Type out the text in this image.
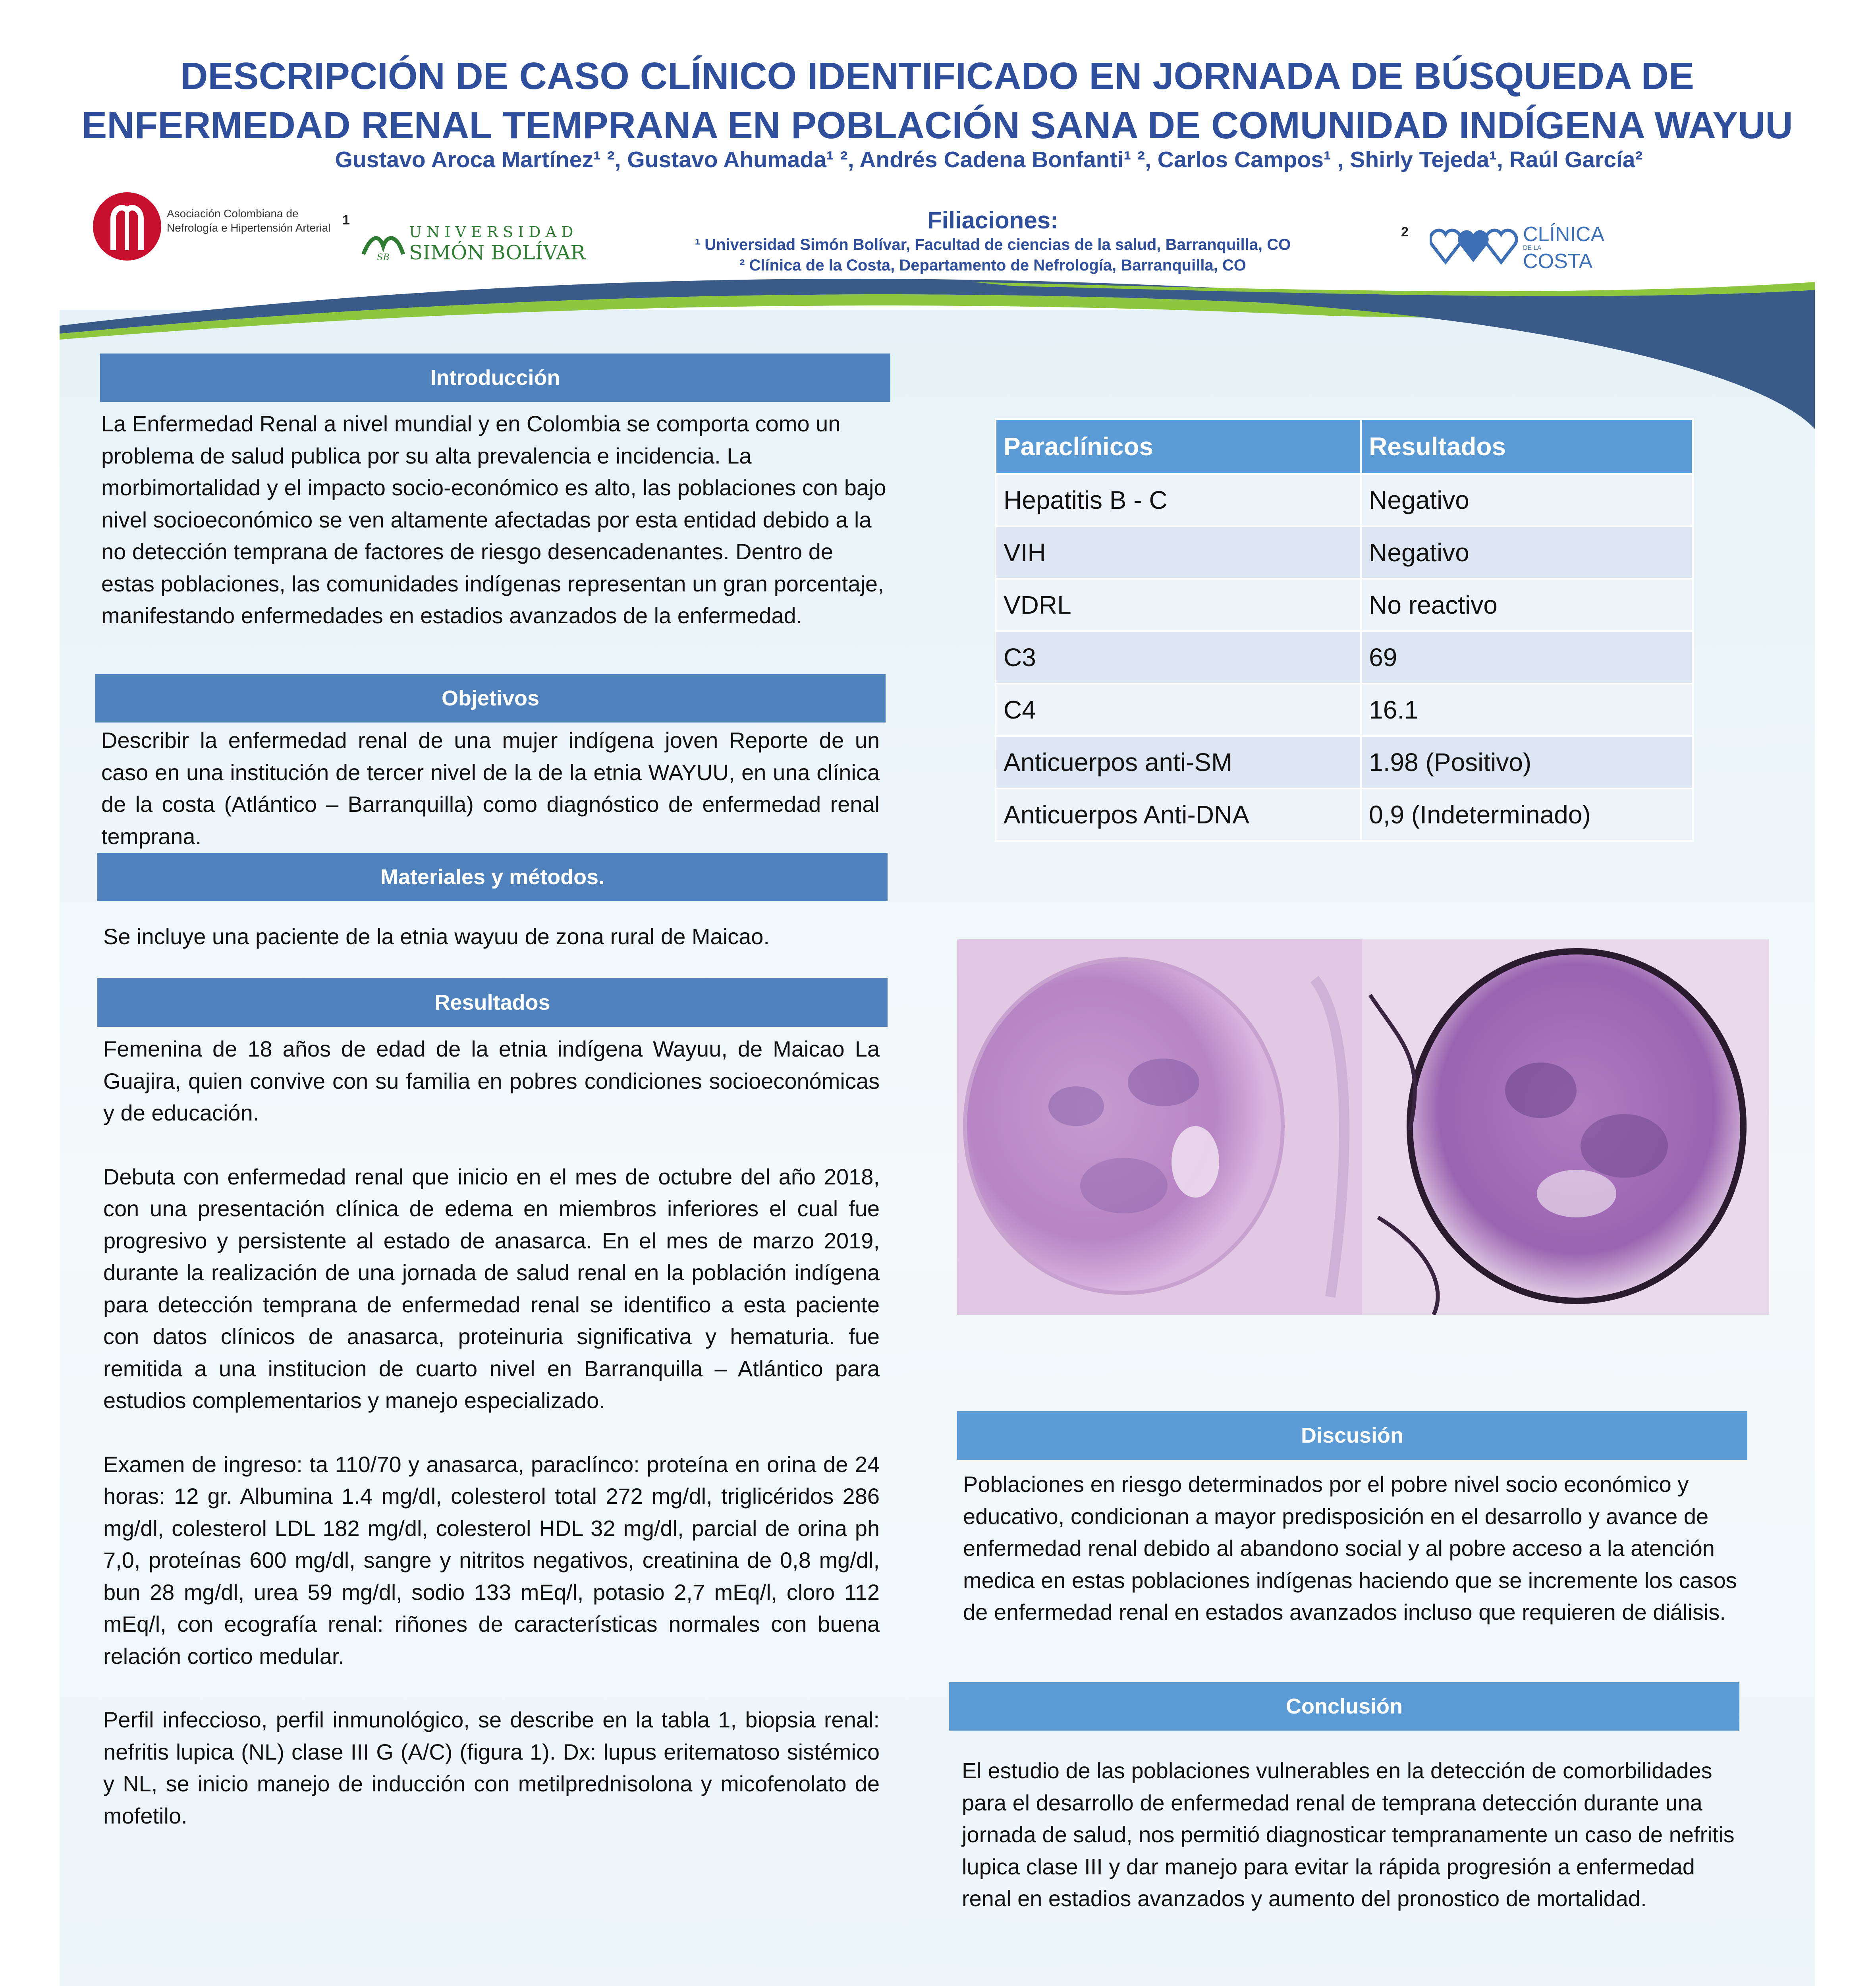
DESCRIPCIÓN DE CASO CLÍNICO IDENTIFICADO EN JORNADA DE BÚSQUEDA DE ENFERMEDAD RENAL TEMPRANA EN POBLACIÓN SANA DE COMUNIDAD INDÍGENA WAYUU
Gustavo Aroca Martínez¹ ², Gustavo Ahumada¹ ², Andrés Cadena Bonfanti¹ ², Carlos Campos¹ , Shirly Tejeda¹, Raúl García²
Filiaciones:
¹ Universidad Simón Bolívar, Facultad de ciencias de la salud, Barranquilla, CO
² Clínica de la Costa, Departamento de Nefrología, Barranquilla, CO
Asociación Colombiana de
Nefrología e Hipertensión Arterial
1
SB
UNIVERSIDAD
SIMÓN BOLÍVAR
2	CLÍNICA
DE LA
COSTA
Introducción
La Enfermedad Renal a nivel mundial y en Colombia se comporta como un problema de salud publica por su alta prevalencia e incidencia. La morbimortalidad y el impacto socio-económico es alto, las poblaciones con bajo nivel socioeconómico se ven altamente afectadas por esta entidad debido a la no detección temprana de factores de riesgo desencadenantes. Dentro de estas poblaciones, las comunidades indígenas representan un gran porcentaje, manifestando enfermedades en estadios avanzados de la enfermedad.
Objetivos
Describir la enfermedad renal de una mujer indígena joven Reporte de un caso en una institución de tercer nivel de la de la etnia WAYUU, en una clínica de la costa (Atlántico – Barranquilla) como diagnóstico de enfermedad renal temprana.
Materiales y métodos.
Se incluye una paciente de la etnia wayuu de zona rural de Maicao.
Resultados

Femenina de 18 años de edad de la etnia indígena Wayuu, de Maicao La Guajira, quien convive con su familia en pobres condiciones socioeconómicas y de educación.

Debuta con enfermedad renal que inicio en el mes de octubre del año 2018, con una presentación clínica de edema en miembros inferiores el cual fue progresivo y persistente al estado de anasarca. En el mes de marzo 2019, durante la realización de una jornada de salud renal en la población indígena para detección temprana de enfermedad renal se identifico a esta paciente con datos clínicos de anasarca, proteinuria significativa y hematuria. fue remitida a una institucion de cuarto nivel en Barranquilla – Atlántico para estudios complementarios y manejo especializado.

Examen de ingreso: ta 110/70 y anasarca, paraclínco: proteína en orina de 24 horas: 12 gr. Albumina 1.4 mg/dl, colesterol total 272 mg/dl, triglicéridos 286 mg/dl, colesterol LDL 182 mg/dl, colesterol HDL 32 mg/dl, parcial de orina ph 7,0, proteínas 600 mg/dl, sangre y nitritos negativos, creatinina de 0,8 mg/dl, bun 28 mg/dl, urea 59 mg/dl, sodio 133 mEq/l, potasio 2,7 mEq/l, cloro 112 mEq/l, con ecografía renal: riñones de características normales con buena relación cortico medular.

Perfil infeccioso, perfil inmunológico, se describe en la tabla 1, biopsia renal: nefritis lupica (NL) clase III G (A/C) (figura 1). Dx: lupus eritematoso sistémico y NL, se inicio manejo de inducción con metilprednisolona y micofenolato de mofetilo.

Paraclínicos	Resultados
Hepatitis B - C	Negativo
VIH	Negativo
VDRL	No reactivo
C3	69
C4	16.1
Anticuerpos anti-SM	1.98 (Positivo)
Anticuerpos Anti-DNA	0,9 (Indeterminado)
Discusión
Poblaciones en riesgo determinados por el pobre nivel socio económico y educativo, condicionan a mayor predisposición en el desarrollo y avance de enfermedad renal debido al abandono social y al pobre acceso a la atención medica en estas poblaciones indígenas haciendo que se incremente los casos de enfermedad renal en estados avanzados incluso que requieren de diálisis.
Conclusión
El estudio de las poblaciones vulnerables en la detección de comorbilidades para el desarrollo de enfermedad renal de temprana detección durante una jornada de salud, nos permitió diagnosticar tempranamente un caso de nefritis lupica clase III y dar manejo para evitar la rápida progresión a enfermedad renal en estadios avanzados y aumento del pronostico de mortalidad.
